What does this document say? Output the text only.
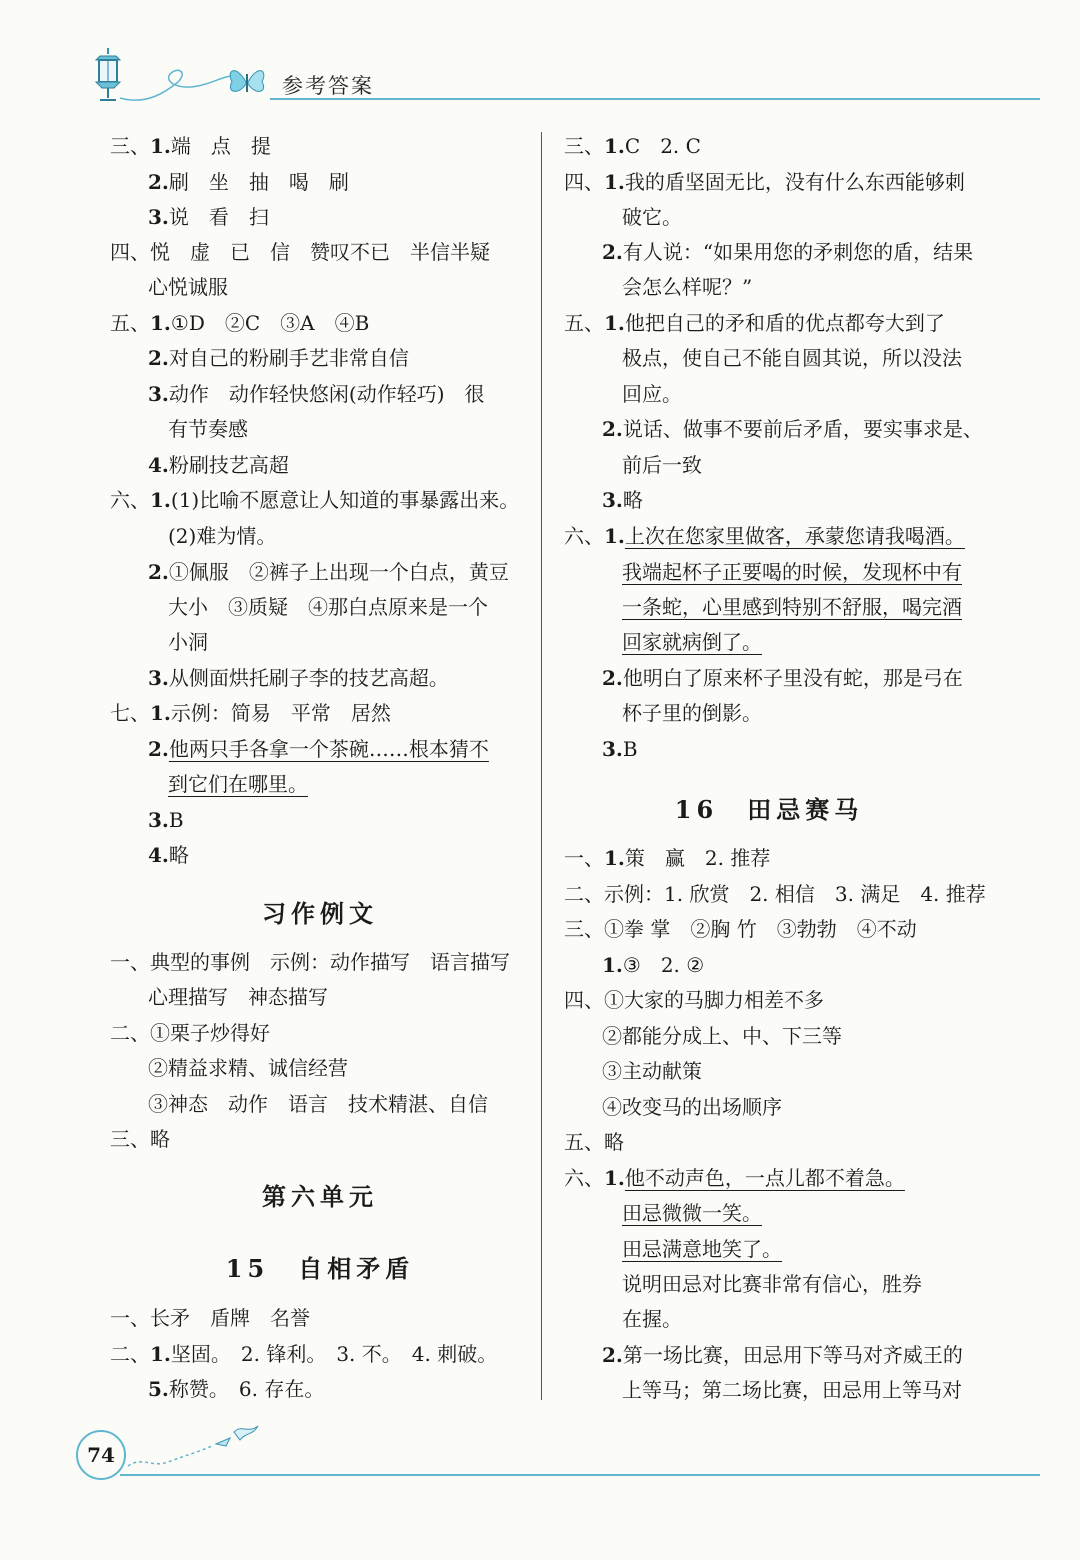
参考答案
三、1.端　点　提
2.刷　坐　抽　喝　刷
3.说　看　扫
四、悦　虚　已　信　赞叹不已　半信半疑
心悦诚服
五、1.①D　②C　③A　④B
2.对自己的粉刷手艺非常自信
3.动作　动作轻快悠闲(动作轻巧)　很
有节奏感
4.粉刷技艺高超
六、1.(1)比喻不愿意让人知道的事暴露出来。
(2)难为情。
2.①佩服　②裤子上出现一个白点，黄豆
大小　③质疑　④那白点原来是一个
小洞
3.从侧面烘托刷子李的技艺高超。
七、1.示例：简易　平常　居然
2.他两只手各拿一个茶碗……根本猜不
到它们在哪里。
3.B
4.略
一、典型的事例　示例：动作描写　语言描写
心理描写　神态描写
二、①栗子炒得好
②精益求精、诚信经营
③神态　动作　语言　技术精湛、自信
三、略
一、长矛　盾牌　名誉
二、1.坚固。　2. 锋利。　3. 不。　4. 刺破。
5.称赞。　6. 存在。
习作例文
第六单元
15　自相矛盾
三、1.C　2. C
四、1.我的盾坚固无比，没有什么东西能够刺
破它。
2.有人说：“如果用您的矛刺您的盾，结果
会怎么样呢？”
五、1.他把自己的矛和盾的优点都夸大到了
极点，使自己不能自圆其说，所以没法
回应。
2.说话、做事不要前后矛盾，要实事求是、
前后一致
3.略
六、1.上次在您家里做客，承蒙您请我喝酒。
我端起杯子正要喝的时候，发现杯中有
一条蛇，心里感到特别不舒服，喝完酒
回家就病倒了。
2.他明白了原来杯子里没有蛇，那是弓在
杯子里的倒影。
3.B
一、1.策　赢　2. 推荐
二、示例：1. 欣赏　2. 相信　3. 满足　4. 推荐
三、①拳 掌　②胸 竹　③勃勃　④不动
1.③　2. ②
四、①大家的马脚力相差不多
②都能分成上、中、下三等
③主动献策
④改变马的出场顺序
五、略
六、1.他不动声色，一点儿都不着急。
田忌微微一笑。
田忌满意地笑了。
说明田忌对比赛非常有信心，胜券
在握。
2.第一场比赛，田忌用下等马对齐威王的
上等马；第二场比赛，田忌用上等马对
16　田忌赛马
74
